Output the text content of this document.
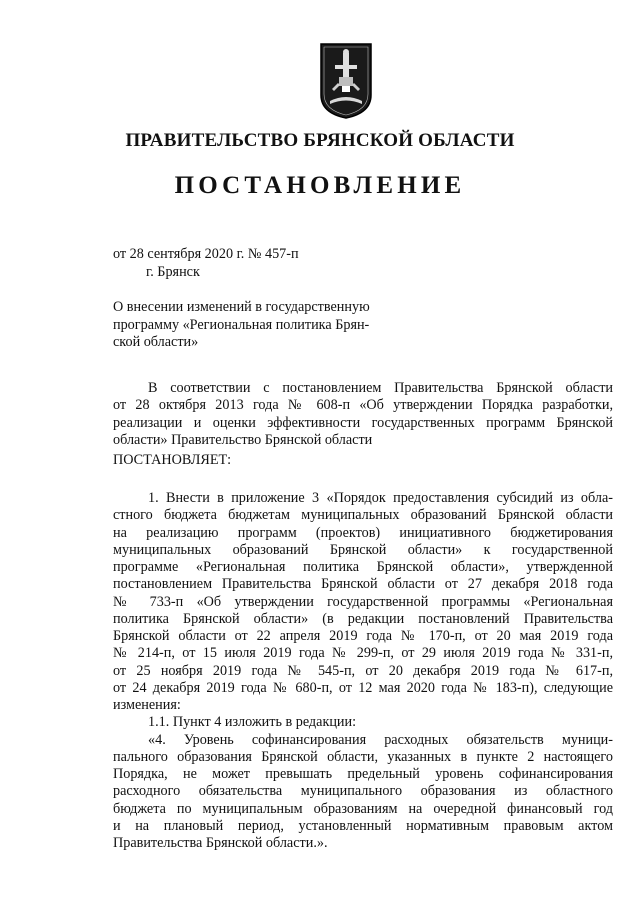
ПРАВИТЕЛЬСТВО БРЯНСКОЙ ОБЛАСТИ
ПОСТАНОВЛЕНИЕ
от 28 сентября 2020 г. № 457-п
г. Брянск
О внесении изменений в государственную
программу «Региональная политика Брян-
ской области»
В соответствии с постановлением Правительства Брянской области
от 28 октября 2013 года № 608-п «Об утверждении Порядка разработки,
реализации и оценки эффективности государственных программ Брянской
области» Правительство Брянской области
ПОСТАНОВЛЯЕТ:
1. Внести в приложение 3 «Порядок предоставления субсидий из обла-
стного бюджета бюджетам муниципальных образований Брянской области
на реализацию программ (проектов) инициативного бюджетирования
муниципальных образований Брянской области» к государственной
программе «Региональная политика Брянской области», утвержденной
постановлением Правительства Брянской области от 27 декабря 2018 года
№ 733-п «Об утверждении государственной программы «Региональная
политика Брянской области» (в редакции постановлений Правительства
Брянской области от 22 апреля 2019 года № 170-п, от 20 мая 2019 года
№ 214-п, от 15 июля 2019 года № 299-п, от 29 июля 2019 года № 331-п,
от 25 ноября 2019 года № 545-п, от 20 декабря 2019 года № 617-п,
от 24 декабря 2019 года № 680-п, от 12 мая 2020 года № 183-п), следующие
изменения:
1.1. Пункт 4 изложить в редакции:
«4. Уровень софинансирования расходных обязательств муници-
пального образования Брянской области, указанных в пункте 2 настоящего
Порядка, не может превышать предельный уровень софинансирования
расходного обязательства муниципального образования из областного
бюджета по муниципальным образованиям на очередной финансовый год
и на плановый период, установленный нормативным правовым актом
Правительства Брянской области.».
